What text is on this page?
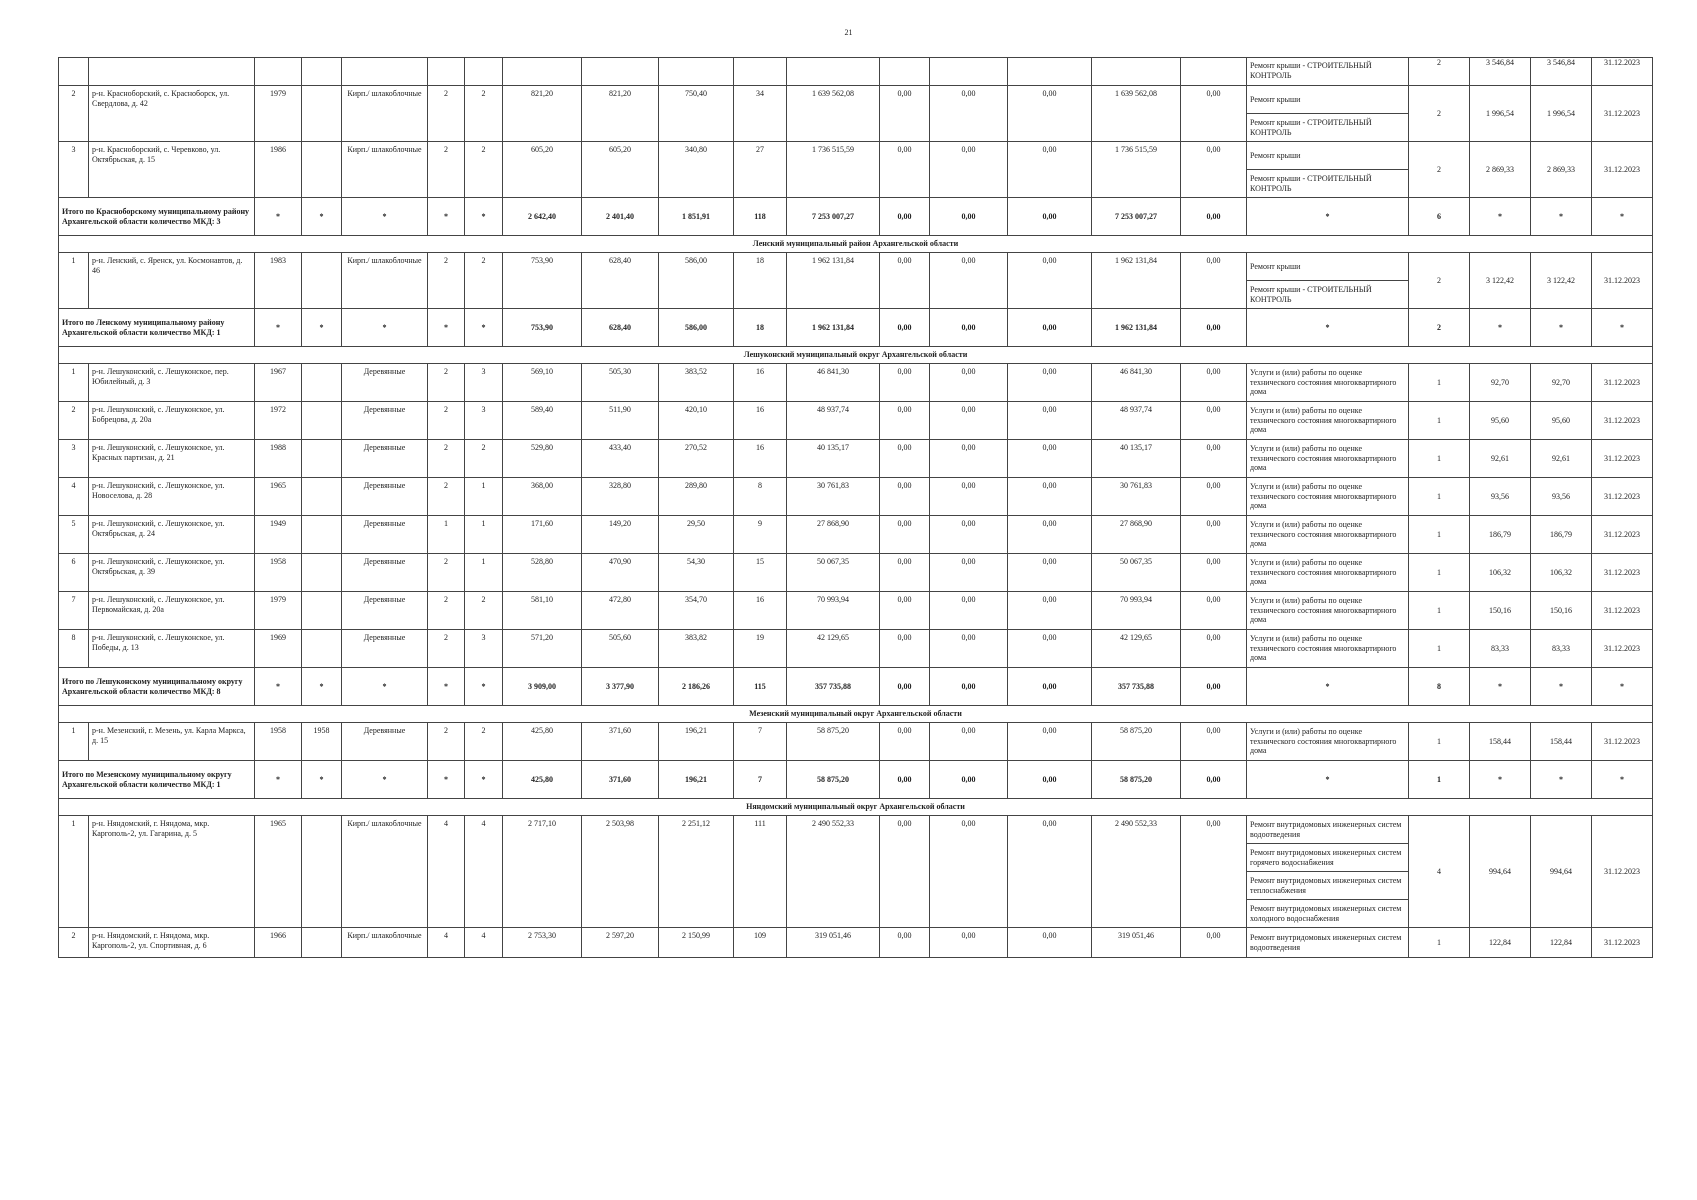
21
																	Ремонт крыши - СТРОИТЕЛЬНЫЙ КОНТРОЛЬ	2	3 546,84	3 546,84	31.12.2023
2	р-н. Красноборский, с. Красноборск, ул. Свердлова, д. 42	1979		Кирп./ шлакоблочные	2	2	821,20	821,20	750,40	34	1 639 562,08	0,00	0,00	0,00	1 639 562,08	0,00	Ремонт крыши	2	1 996,54	1 996,54	31.12.2023
																	Ремонт крыши - СТРОИТЕЛЬНЫЙ КОНТРОЛЬ				
3	р-н. Красноборский, с. Черевково, ул. Октябрьская, д. 15	1986		Кирп./ шлакоблочные	2	2	605,20	605,20	340,80	27	1 736 515,59	0,00	0,00	0,00	1 736 515,59	0,00	Ремонт крыши	2	2 869,33	2 869,33	31.12.2023
																	Ремонт крыши - СТРОИТЕЛЬНЫЙ КОНТРОЛЬ				
Итого по Красноборскому муниципальному району Архангельской области количество МКД: 3		*	*	*	*	*	2 642,40	2 401,40	1 851,91	118	7 253 007,27	0,00	0,00	0,00	7 253 007,27	0,00	*	6	*	*	*
Ленский муниципальный район Архангельской области																					
1	р-н. Ленский, с. Яренск, ул. Космонавтов, д. 46	1983		Кирп./ шлакоблочные	2	2	753,90	628,40	586,00	18	1 962 131,84	0,00	0,00	0,00	1 962 131,84	0,00	Ремонт крыши	2	3 122,42	3 122,42	31.12.2023
																	Ремонт крыши - СТРОИТЕЛЬНЫЙ КОНТРОЛЬ				
Итого по Ленскому муниципальному району Архангельской области количество МКД: 1		*	*	*	*	*	753,90	628,40	586,00	18	1 962 131,84	0,00	0,00	0,00	1 962 131,84	0,00	*	2	*	*	*
Лешуконский муниципальный округ Архангельской области																					
1	р-н. Лешуконский, с. Лешуконское, пер. Юбилейный, д. 3	1967		Деревянные	2	3	569,10	505,30	383,52	16	46 841,30	0,00	0,00	0,00	46 841,30	0,00	Услуги и (или) работы по оценке технического состояния многоквартирного дома	1	92,70	92,70	31.12.2023
2	р-н. Лешуконский, с. Лешуконское, ул. Бобрецова, д. 20а	1972		Деревянные	2	3	589,40	511,90	420,10	16	48 937,74	0,00	0,00	0,00	48 937,74	0,00	Услуги и (или) работы по оценке технического состояния многоквартирного дома	1	95,60	95,60	31.12.2023
3	р-н. Лешуконский, с. Лешуконское, ул. Красных партизан, д. 21	1988		Деревянные	2	2	529,80	433,40	270,52	16	40 135,17	0,00	0,00	0,00	40 135,17	0,00	Услуги и (или) работы по оценке технического состояния многоквартирного дома	1	92,61	92,61	31.12.2023
4	р-н. Лешуконский, с. Лешуконское, ул. Новоселова, д. 28	1965		Деревянные	2	1	368,00	328,80	289,80	8	30 761,83	0,00	0,00	0,00	30 761,83	0,00	Услуги и (или) работы по оценке технического состояния многоквартирного дома	1	93,56	93,56	31.12.2023
5	р-н. Лешуконский, с. Лешуконское, ул. Октябрьская, д. 24	1949		Деревянные	1	1	171,60	149,20	29,50	9	27 868,90	0,00	0,00	0,00	27 868,90	0,00	Услуги и (или) работы по оценке технического состояния многоквартирного дома	1	186,79	186,79	31.12.2023
6	р-н. Лешуконский, с. Лешуконское, ул. Октябрьская, д. 39	1958		Деревянные	2	1	528,80	470,90	54,30	15	50 067,35	0,00	0,00	0,00	50 067,35	0,00	Услуги и (или) работы по оценке технического состояния многоквартирного дома	1	106,32	106,32	31.12.2023
7	р-н. Лешуконский, с. Лешуконское, ул. Первомайская, д. 20а	1979		Деревянные	2	2	581,10	472,80	354,70	16	70 993,94	0,00	0,00	0,00	70 993,94	0,00	Услуги и (или) работы по оценке технического состояния многоквартирного дома	1	150,16	150,16	31.12.2023
8	р-н. Лешуконский, с. Лешуконское, ул. Победы, д. 13	1969		Деревянные	2	3	571,20	505,60	383,82	19	42 129,65	0,00	0,00	0,00	42 129,65	0,00	Услуги и (или) работы по оценке технического состояния многоквартирного дома	1	83,33	83,33	31.12.2023
Итого по Лешуконскому муниципальному округу Архангельской области количество МКД: 8		*	*	*	*	*	3 909,00	3 377,90	2 186,26	115	357 735,88	0,00	0,00	0,00	357 735,88	0,00	*	8	*	*	*
Мезенский муниципальный округ Архангельской области																					
1	р-н. Мезенский, г. Мезень, ул. Карла Маркса, д. 15	1958	1958	Деревянные	2	2	425,80	371,60	196,21	7	58 875,20	0,00	0,00	0,00	58 875,20	0,00	Услуги и (или) работы по оценке технического состояния многоквартирного дома	1	158,44	158,44	31.12.2023
Итого по Мезенскому муниципальному округу Архангельской области количество МКД: 1		*	*	*	*	*	425,80	371,60	196,21	7	58 875,20	0,00	0,00	0,00	58 875,20	0,00	*	1	*	*	*
Няндомский муниципальный округ Архангельской области																					
1	р-н. Няндомский, г. Няндома, мкр. Каргополь-2, ул. Гагарина, д. 5	1965		Кирп./ шлакоблочные	4	4	2 717,10	2 503,98	2 251,12	111	2 490 552,33	0,00	0,00	0,00	2 490 552,33	0,00	Ремонт внутридомовых инженерных систем водоотведения	4	994,64	994,64	31.12.2023
																	Ремонт внутридомовых инженерных систем горячего водоснабжения				
																	Ремонт внутридомовых инженерных систем теплоснабжения				
																	Ремонт внутридомовых инженерных систем холодного водоснабжения				
2	р-н. Няндомский, г. Няндома, мкр. Каргополь-2, ул. Спортивная, д. 6	1966		Кирп./ шлакоблочные	4	4	2 753,30	2 597,20	2 150,99	109	319 051,46	0,00	0,00	0,00	319 051,46	0,00	Ремонт внутридомовых инженерных систем водоотведения	1	122,84	122,84	31.12.2023
